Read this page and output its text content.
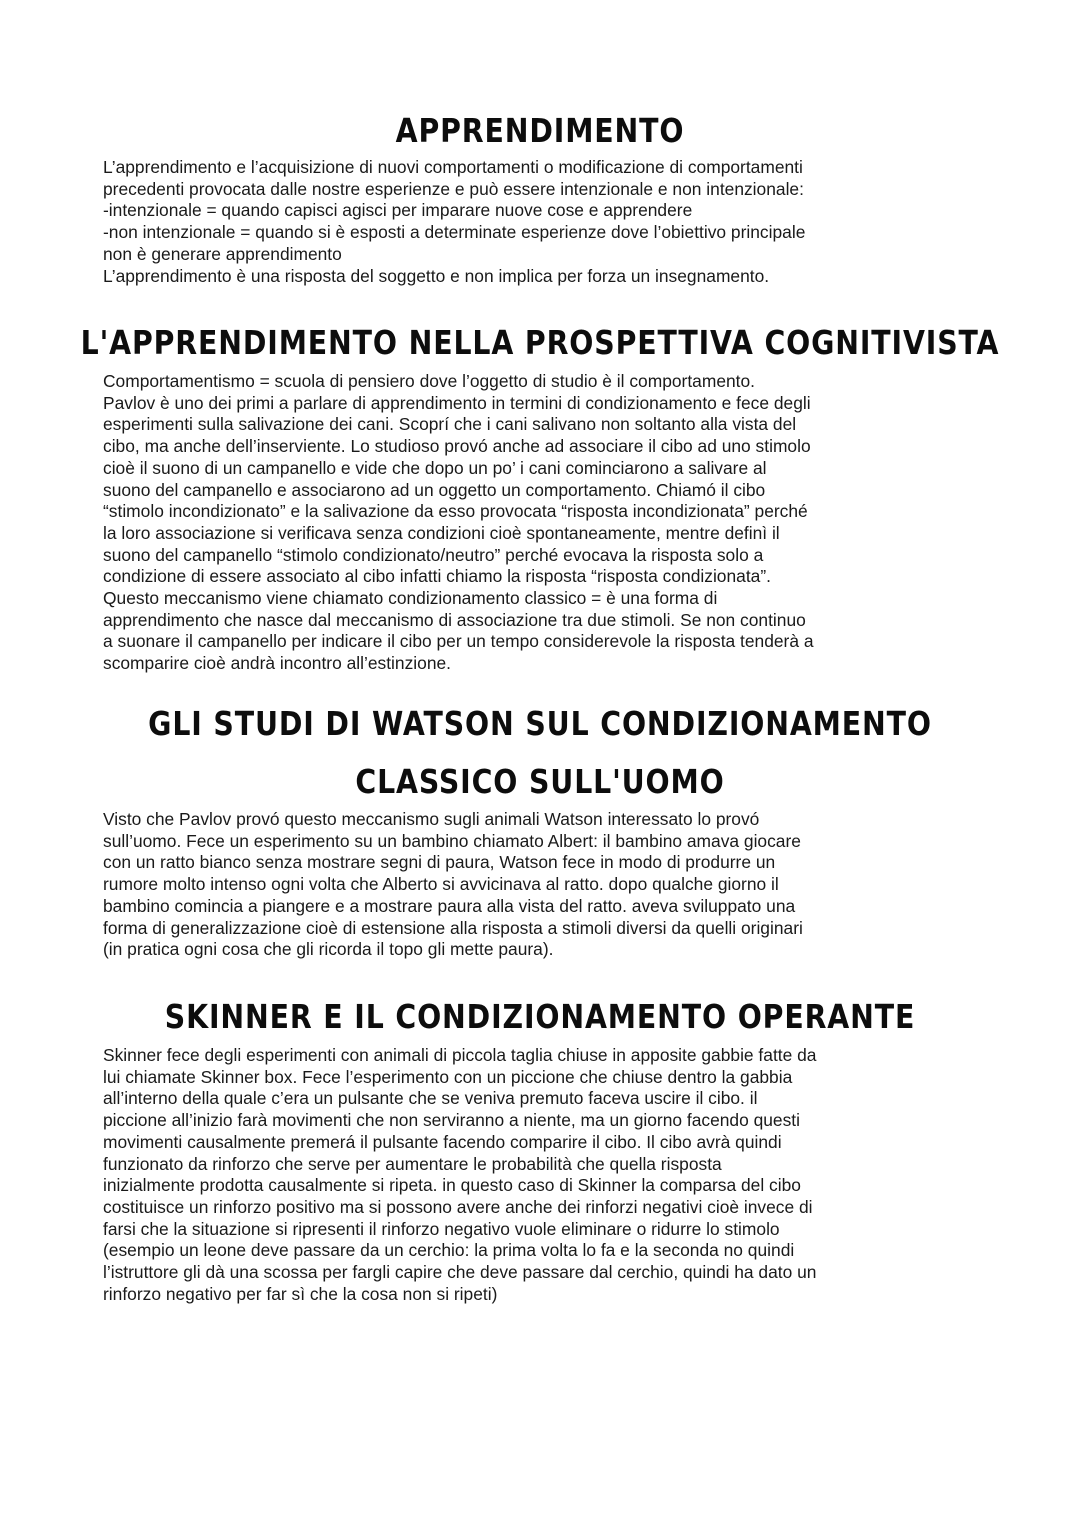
APPRENDIMENTO

L’apprendimento e l’acquisizione di nuovi comportamenti o modificazione di comportamenti
precedenti provocata dalle nostre esperienze e può essere intenzionale e non intenzionale:
-intenzionale = quando capisci agisci per imparare nuove cose e apprendere
-non intenzionale = quando si è esposti a determinate esperienze dove l’obiettivo principale
non è generare apprendimento
L’apprendimento è una risposta del soggetto e non implica per forza un insegnamento.

L'APPRENDIMENTO NELLA PROSPETTIVA COGNITIVISTA

Comportamentismo = scuola di pensiero dove l’oggetto di studio è il comportamento.
Pavlov è uno dei primi a parlare di apprendimento in termini di condizionamento e fece degli
esperimenti sulla salivazione dei cani. Scoprí che i cani salivano non soltanto alla vista del
cibo, ma anche dell’inserviente. Lo studioso provó anche ad associare il cibo ad uno stimolo
cioè il suono di un campanello e vide che dopo un po’ i cani cominciarono a salivare al
suono del campanello e associarono ad un oggetto un comportamento. Chiamó il cibo
“stimolo incondizionato” e la salivazione da esso provocata “risposta incondizionata” perché
la loro associazione si verificava senza condizioni cioè spontaneamente, mentre definì il
suono del campanello “stimolo condizionato/neutro” perché evocava la risposta solo a
condizione di essere associato al cibo infatti chiamo la risposta “risposta condizionata”.
Questo meccanismo viene chiamato condizionamento classico = è una forma di
apprendimento che nasce dal meccanismo di associazione tra due stimoli. Se non continuo
a suonare il campanello per indicare il cibo per un tempo considerevole la risposta tenderà a
scomparire cioè andrà incontro all’estinzione.

GLI STUDI DI WATSON SUL CONDIZIONAMENTO
CLASSICO SULL'UOMO

Visto che Pavlov provó questo meccanismo sugli animali Watson interessato lo provó
sull’uomo. Fece un esperimento su un bambino chiamato Albert: il bambino amava giocare
con un ratto bianco senza mostrare segni di paura, Watson fece in modo di produrre un
rumore molto intenso ogni volta che Alberto si avvicinava al ratto. dopo qualche giorno il
bambino comincia a piangere e a mostrare paura alla vista del ratto. aveva sviluppato una
forma di generalizzazione cioè di estensione alla risposta a stimoli diversi da quelli originari
(in pratica ogni cosa che gli ricorda il topo gli mette paura).

SKINNER E IL CONDIZIONAMENTO OPERANTE

Skinner fece degli esperimenti con animali di piccola taglia chiuse in apposite gabbie fatte da
lui chiamate Skinner box. Fece l’esperimento con un piccione che chiuse dentro la gabbia
all’interno della quale c’era un pulsante che se veniva premuto faceva uscire il cibo. il
piccione all’inizio farà movimenti che non serviranno a niente, ma un giorno facendo questi
movimenti causalmente premerá il pulsante facendo comparire il cibo. Il cibo avrà quindi
funzionato da rinforzo che serve per aumentare le probabilità che quella risposta
inizialmente prodotta causalmente si ripeta. in questo caso di Skinner la comparsa del cibo
costituisce un rinforzo positivo ma si possono avere anche dei rinforzi negativi cioè invece di
farsi che la situazione si ripresenti il rinforzo negativo vuole eliminare o ridurre lo stimolo
(esempio un leone deve passare da un cerchio: la prima volta lo fa e la seconda no quindi
l’istruttore gli dà una scossa per fargli capire che deve passare dal cerchio, quindi ha dato un
rinforzo negativo per far sì che la cosa non si ripeti)
